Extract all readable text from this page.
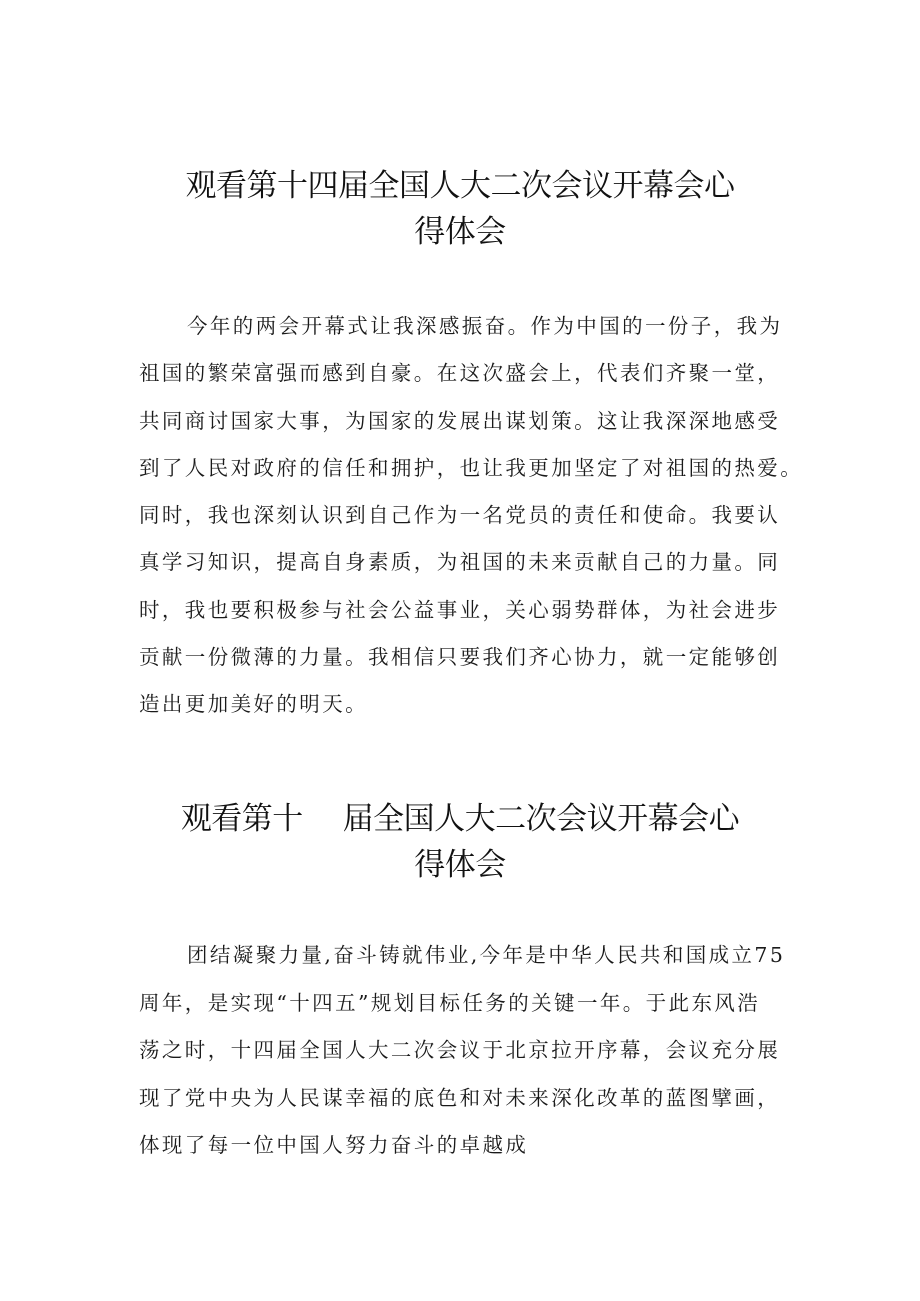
观看第十四届全国人大二次会议开幕会心
得体会
今年的两会开幕式让我深感振奋。作为中国的一份子，我为
祖国的繁荣富强而感到自豪。在这次盛会上，代表们齐聚一堂，
共同商讨国家大事，为国家的发展出谋划策。这让我深深地感受
到了人民对政府的信任和拥护，也让我更加坚定了对祖国的热爱。
同时，我也深刻认识到自己作为一名党员的责任和使命。我要认
真学习知识，提高自身素质，为祖国的未来贡献自己的力量。同
时，我也要积极参与社会公益事业，关心弱势群体，为社会进步
贡献一份微薄的力量。我相信只要我们齐心协力，就一定能够创
造出更加美好的明天。
观看第十　 届全国人大二次会议开幕会心
得体会
团结凝聚力量,奋斗铸就伟业,今年是中华人民共和国成立75
周年，是实现“十四五”规划目标任务的关键一年。于此东风浩
荡之时，十四届全国人大二次会议于北京拉开序幕，会议充分展
现了党中央为人民谋幸福的底色和对未来深化改革的蓝图擘画，
体现了每一位中国人努力奋斗的卓越成
